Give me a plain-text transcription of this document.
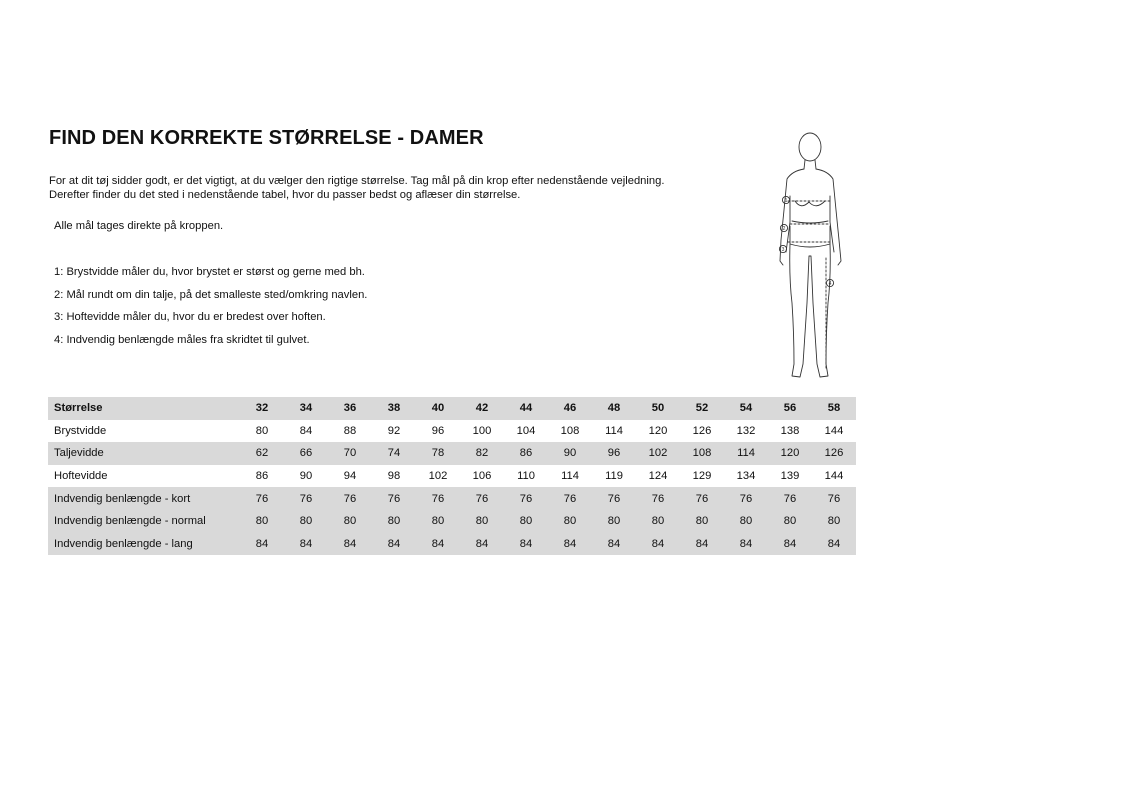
FIND DEN KORREKTE STØRRELSE - DAMER
For at dit tøj sidder godt, er det vigtigt, at du vælger den rigtige størrelse. Tag mål på din krop efter nedenstående vejledning.
Derefter finder du det sted i nedenstående tabel, hvor du passer bedst og aflæser din størrelse.
Alle mål tages direkte på kroppen.
1: Brystvidde måler du, hvor brystet er størst og gerne med bh.
2: Mål rundt om din talje, på det smalleste sted/omkring navlen.
3: Hoftevidde måler du, hvor du er bredest over hoften.
4: Indvendig benlængde måles fra skridtet til gulvet.
1
2
3
4
Størrelse	32	34	36	38	40	42	44	46	48	50	52	54	56	58
Brystvidde	80	84	88	92	96	100	104	108	114	120	126	132	138	144
Taljevidde	62	66	70	74	78	82	86	90	96	102	108	114	120	126
Hoftevidde	86	90	94	98	102	106	110	114	119	124	129	134	139	144
Indvendig benlængde - kort	76	76	76	76	76	76	76	76	76	76	76	76	76	76
Indvendig benlængde - normal	80	80	80	80	80	80	80	80	80	80	80	80	80	80
Indvendig benlængde - lang	84	84	84	84	84	84	84	84	84	84	84	84	84	84
